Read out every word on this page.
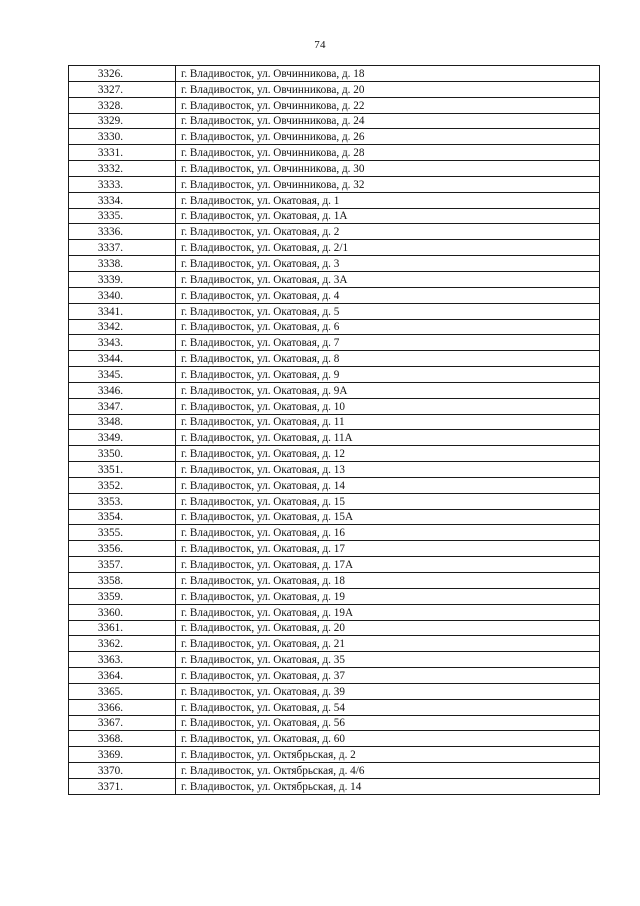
74
3326.	г. Владивосток, ул. Овчинникова, д. 18
3327.	г. Владивосток, ул. Овчинникова, д. 20
3328.	г. Владивосток, ул. Овчинникова, д. 22
3329.	г. Владивосток, ул. Овчинникова, д. 24
3330.	г. Владивосток, ул. Овчинникова, д. 26
3331.	г. Владивосток, ул. Овчинникова, д. 28
3332.	г. Владивосток, ул. Овчинникова, д. 30
3333.	г. Владивосток, ул. Овчинникова, д. 32
3334.	г. Владивосток, ул. Окатовая, д. 1
3335.	г. Владивосток, ул. Окатовая, д. 1А
3336.	г. Владивосток, ул. Окатовая, д. 2
3337.	г. Владивосток, ул. Окатовая, д. 2/1
3338.	г. Владивосток, ул. Окатовая, д. 3
3339.	г. Владивосток, ул. Окатовая, д. 3А
3340.	г. Владивосток, ул. Окатовая, д. 4
3341.	г. Владивосток, ул. Окатовая, д. 5
3342.	г. Владивосток, ул. Окатовая, д. 6
3343.	г. Владивосток, ул. Окатовая, д. 7
3344.	г. Владивосток, ул. Окатовая, д. 8
3345.	г. Владивосток, ул. Окатовая, д. 9
3346.	г. Владивосток, ул. Окатовая, д. 9А
3347.	г. Владивосток, ул. Окатовая, д. 10
3348.	г. Владивосток, ул. Окатовая, д. 11
3349.	г. Владивосток, ул. Окатовая, д. 11А
3350.	г. Владивосток, ул. Окатовая, д. 12
3351.	г. Владивосток, ул. Окатовая, д. 13
3352.	г. Владивосток, ул. Окатовая, д. 14
3353.	г. Владивосток, ул. Окатовая, д. 15
3354.	г. Владивосток, ул. Окатовая, д. 15А
3355.	г. Владивосток, ул. Окатовая, д. 16
3356.	г. Владивосток, ул. Окатовая, д. 17
3357.	г. Владивосток, ул. Окатовая, д. 17А
3358.	г. Владивосток, ул. Окатовая, д. 18
3359.	г. Владивосток, ул. Окатовая, д. 19
3360.	г. Владивосток, ул. Окатовая, д. 19А
3361.	г. Владивосток, ул. Окатовая, д. 20
3362.	г. Владивосток, ул. Окатовая, д. 21
3363.	г. Владивосток, ул. Окатовая, д. 35
3364.	г. Владивосток, ул. Окатовая, д. 37
3365.	г. Владивосток, ул. Окатовая, д. 39
3366.	г. Владивосток, ул. Окатовая, д. 54
3367.	г. Владивосток, ул. Окатовая, д. 56
3368.	г. Владивосток, ул. Окатовая, д. 60
3369.	г. Владивосток, ул. Октябрьская, д. 2
3370.	г. Владивосток, ул. Октябрьская, д. 4/6
3371.	г. Владивосток, ул. Октябрьская, д. 14
